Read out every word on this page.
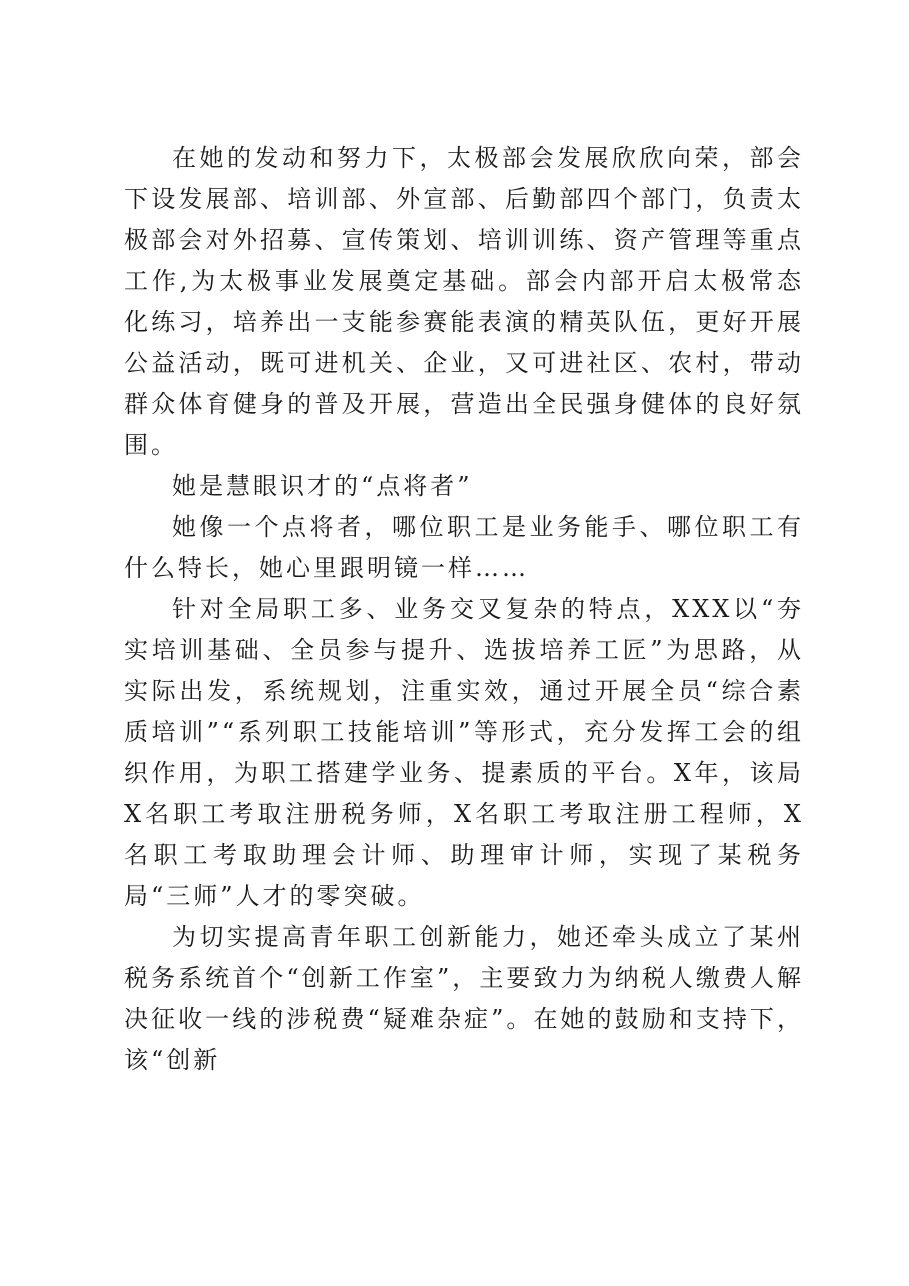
在她的发动和努力下，太极部会发展欣欣向荣，部会下设发展部、培训部、外宣部、后勤部四个部门，负责太极部会对外招募、宣传策划、培训训练、资产管理等重点工作,为太极事业发展奠定基础。部会内部开启太极常态化练习，培养出一支能参赛能表演的精英队伍，更好开展公益活动，既可进机关、企业，又可进社区、农村，带动群众体育健身的普及开展，营造出全民强身健体的良好氛围。

她是慧眼识才的“点将者”

她像一个点将者，哪位职工是业务能手、哪位职工有什么特长，她心里跟明镜一样……

针对全局职工多、业务交叉复杂的特点，XXX以“夯实培训基础、全员参与提升、选拔培养工匠”为思路，从实际出发，系统规划，注重实效，通过开展全员“综合素质培训”“系列职工技能培训”等形式，充分发挥工会的组织作用，为职工搭建学业务、提素质的平台。X年，该局X名职工考取注册税务师，X名职工考取注册工程师，X名职工考取助理会计师、助理审计师，实现了某税务局“三师”人才的零突破。

为切实提高青年职工创新能力，她还牵头成立了某州税务系统首个“创新工作室”，主要致力为纳税人缴费人解决征收一线的涉税费“疑难杂症”。在她的鼓励和支持下，该“创新
